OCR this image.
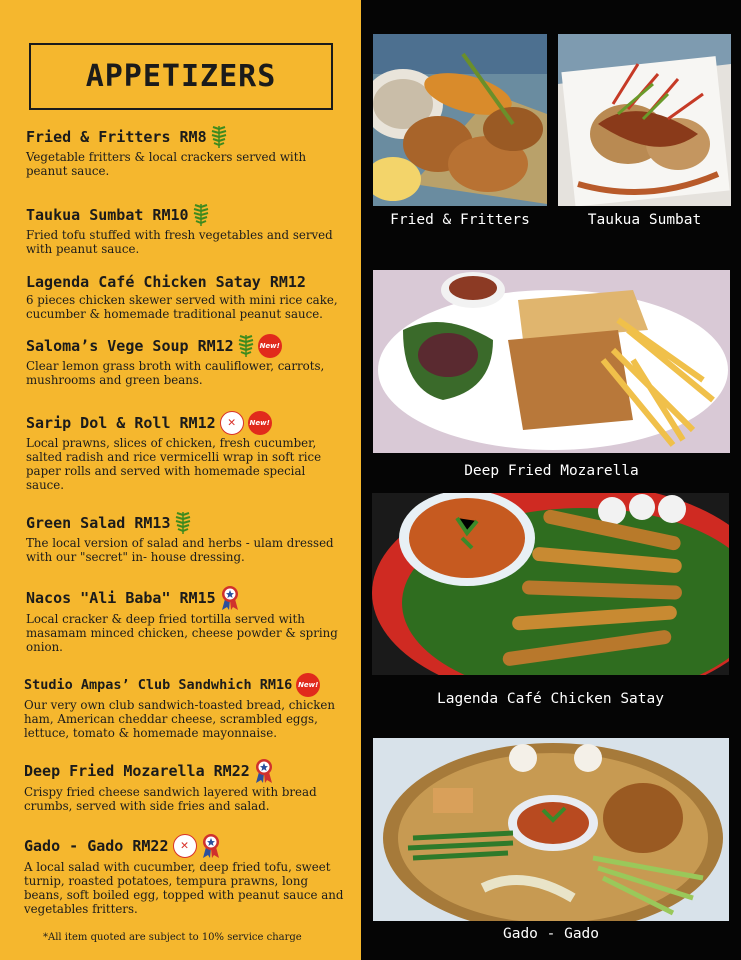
APPETIZERS
Fried & Fritters RM8
Vegetable fritters & local crackers served with peanut sauce.
Taukua Sumbat RM10
Fried tofu stuffed with fresh vegetables and served with peanut sauce.
Lagenda Café Chicken Satay RM12
6 pieces chicken skewer served with mini rice cake, cucumber & homemade traditional peanut sauce.
Saloma’s Vege Soup RM12	New!
Clear lemon grass broth with cauliflower, carrots, mushrooms and green beans.
Sarip Dol & Roll RM12 ✕	New!
Local prawns, slices of chicken, fresh cucumber, salted radish and rice vermicelli wrap in soft rice paper rolls and served with homemade special sauce.
Green Salad RM13
The local version of salad and herbs - ulam dressed with our "secret" in- house dressing.
Nacos "Ali Baba" RM15
Local cracker & deep fried tortilla served with masamam minced chicken, cheese powder & spring onion.
Studio Ampas’ Club Sandwhich RM16 New!
Our very own club sandwich-toasted bread, chicken ham, American cheddar cheese, scrambled eggs, lettuce, tomato & homemade mayonnaise.
Deep Fried Mozarella RM22
Crispy fried cheese sandwich layered with bread crumbs, served with side fries and salad.
Gado - Gado RM22 ✕
A local salad with cucumber, deep fried tofu, sweet turnip, roasted potatoes, tempura prawns, long beans, soft boiled egg, topped with peanut sauce and vegetables fritters.
*All item quoted are subject to 10% service charge
Fried & Fritters	Taukua Sumbat
Deep Fried Mozarella
Lagenda Café Chicken Satay
Gado - Gado
